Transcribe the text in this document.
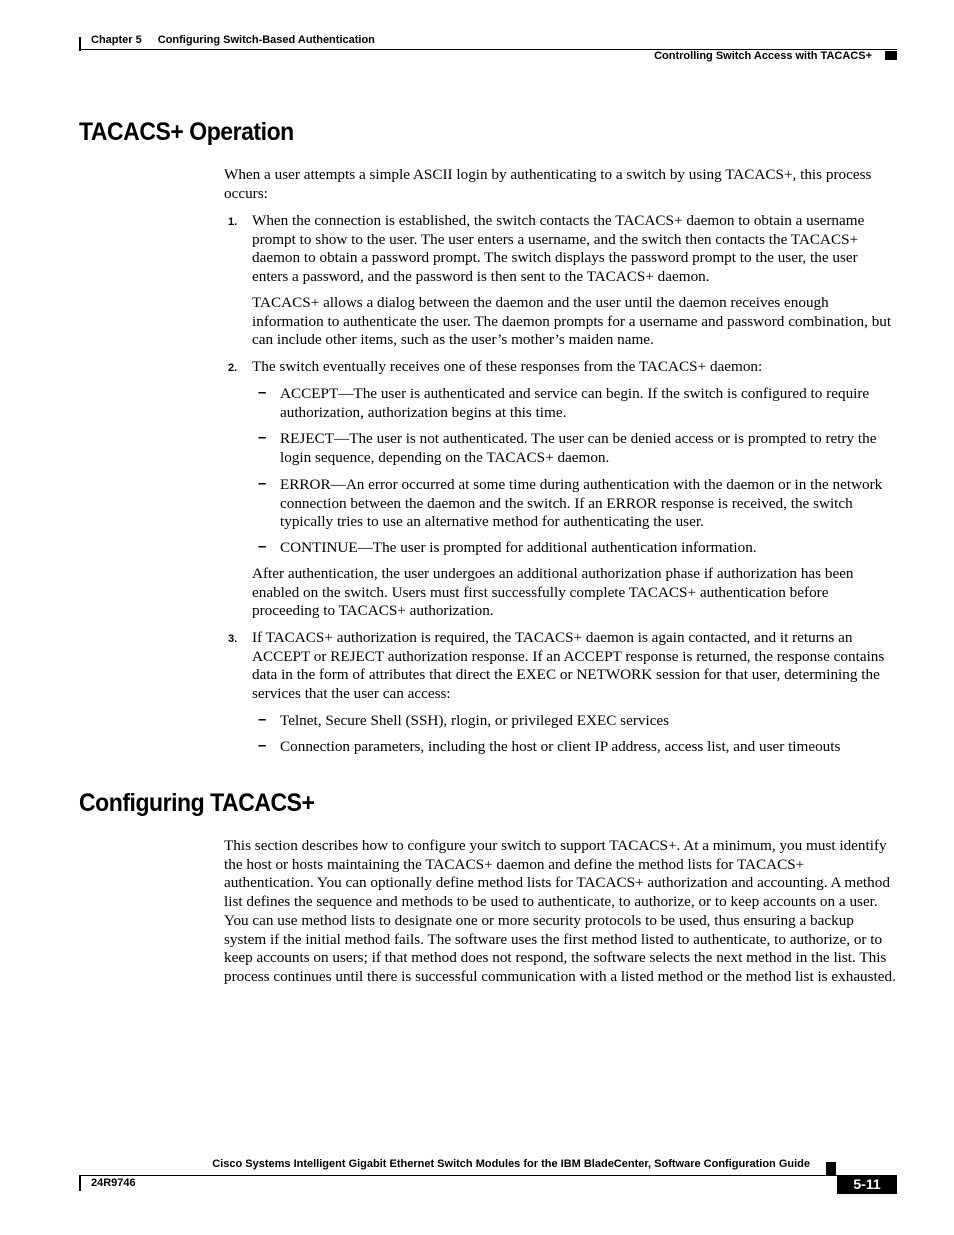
Chapter 5 Configuring Switch-Based Authentication
Controlling Switch Access with TACACS+
TACACS+ Operation

When a user attempts a simple ASCII login by authenticating to a switch by using TACACS+, this process occurs:

1. When the connection is established, the switch contacts the TACACS+ daemon to obtain a username prompt to show to the user. The user enters a username, and the switch then contacts the TACACS+ daemon to obtain a password prompt. The switch displays the password prompt to the user, the user enters a password, and the password is then sent to the TACACS+ daemon.

TACACS+ allows a dialog between the daemon and the user until the daemon receives enough information to authenticate the user. The daemon prompts for a username and password combination, but can include other items, such as the user’s mother’s maiden name.

2. The switch eventually receives one of these responses from the TACACS+ daemon:

– ACCEPT—The user is authenticated and service can begin. If the switch is configured to require authorization, authorization begins at this time.

– REJECT—The user is not authenticated. The user can be denied access or is prompted to retry the login sequence, depending on the TACACS+ daemon.

– ERROR—An error occurred at some time during authentication with the daemon or in the network connection between the daemon and the switch. If an ERROR response is received, the switch typically tries to use an alternative method for authenticating the user.

– CONTINUE—The user is prompted for additional authentication information.

After authentication, the user undergoes an additional authorization phase if authorization has been enabled on the switch. Users must first successfully complete TACACS+ authentication before proceeding to TACACS+ authorization.

3. If TACACS+ authorization is required, the TACACS+ daemon is again contacted, and it returns an ACCEPT or REJECT authorization response. If an ACCEPT response is returned, the response contains data in the form of attributes that direct the EXEC or NETWORK session for that user, determining the services that the user can access:

– Telnet, Secure Shell (SSH), rlogin, or privileged EXEC services

– Connection parameters, including the host or client IP address, access list, and user timeouts

Configuring TACACS+

This section describes how to configure your switch to support TACACS+. At a minimum, you must identify the host or hosts maintaining the TACACS+ daemon and define the method lists for TACACS+ authentication. You can optionally define method lists for TACACS+ authorization and accounting. A method list defines the sequence and methods to be used to authenticate, to authorize, or to keep accounts on a user. You can use method lists to designate one or more security protocols to be used, thus ensuring a backup system if the initial method fails. The software uses the first method listed to authenticate, to authorize, or to keep accounts on users; if that method does not respond, the software selects the next method in the list. This process continues until there is successful communication with a listed method or the method list is exhausted.

Cisco Systems Intelligent Gigabit Ethernet Switch Modules for the IBM BladeCenter, Software Configuration Guide
24R9746	5-11
